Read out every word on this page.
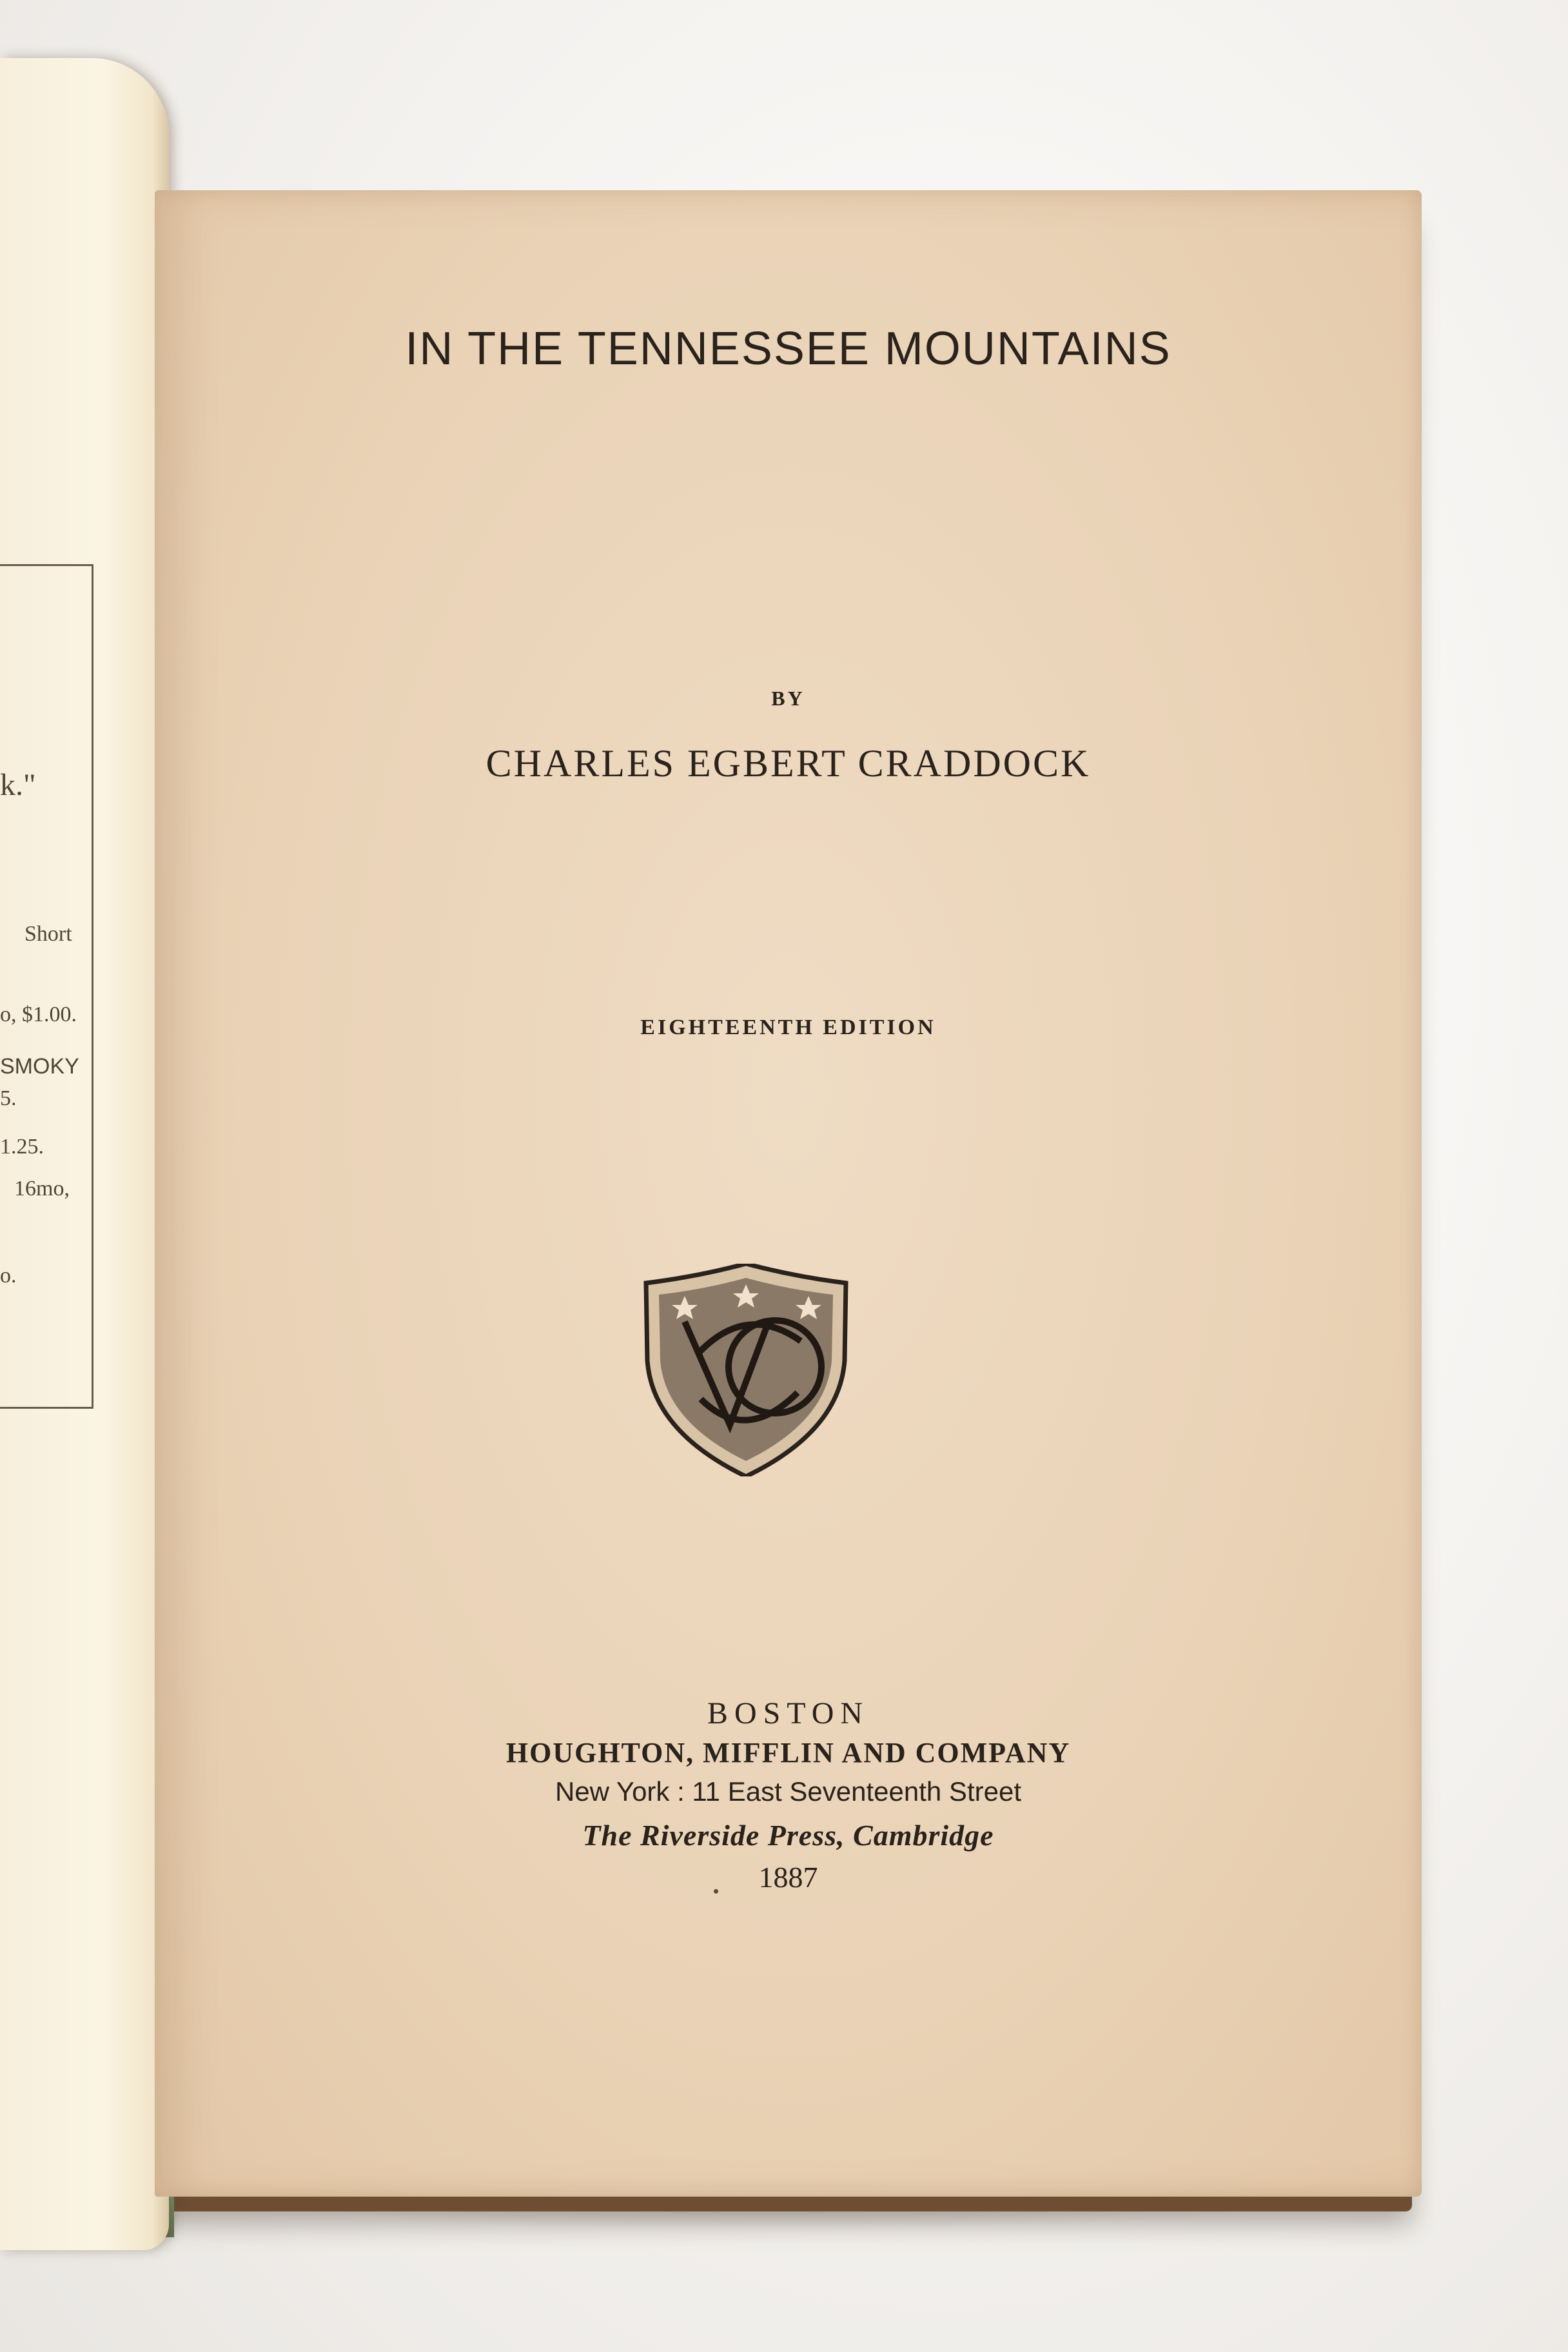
k."
Short
o, $1.00.
SMOKY
5.
1.25.
16mo,
o.
IN THE TENNESSEE MOUNTAINS
BY
CHARLES EGBERT CRADDOCK
EIGHTEENTH EDITION
BOSTON
HOUGHTON, MIFFLIN AND COMPANY
New York : 11 East Seventeenth Street
The Riverside Press, Cambridge
1887
